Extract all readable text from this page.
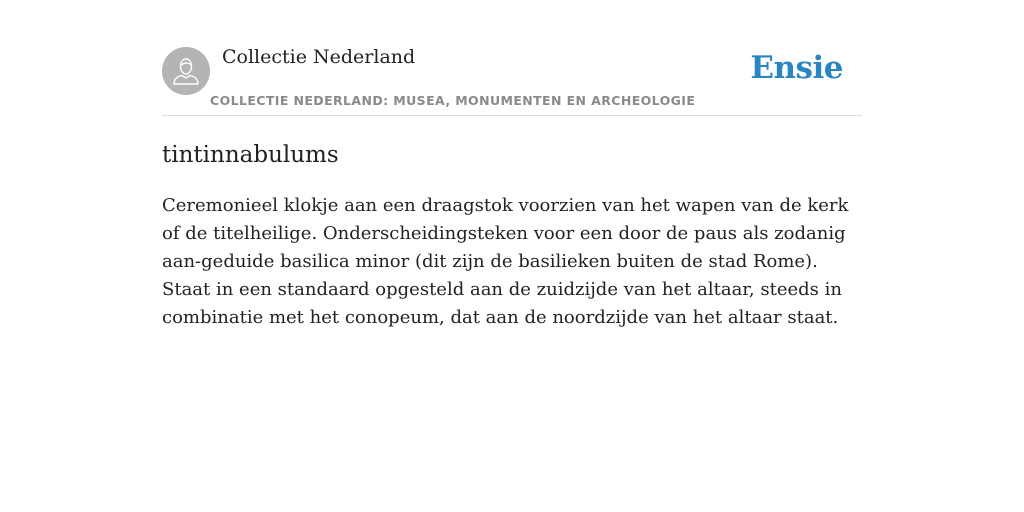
Collectie Nederland
COLLECTIE NEDERLAND: MUSEA, MONUMENTEN EN ARCHEOLOGIE
Ensie
tintinnabulums

Ceremonieel klokje aan een draagstok voorzien van het wapen van de kerk of de titelheilige. Onderscheidingsteken voor een door de paus als zodanig aan-geduide basilica minor (dit zijn de basilieken buiten de stad Rome). Staat in een standaard opgesteld aan de zuidzijde van het altaar, steeds in combinatie met het conopeum, dat aan de noordzijde van het altaar staat.
